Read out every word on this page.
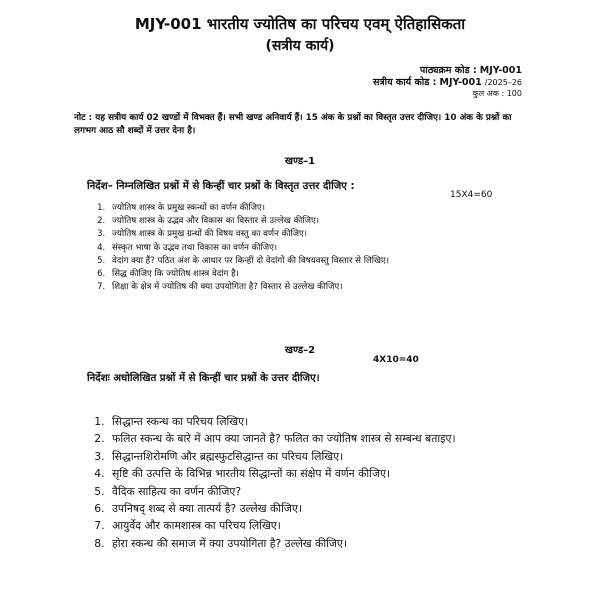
MJY-001 भारतीय ज्योतिष का परिचय एवम् ऐतिहासिकता
(सत्रीय कार्य)
पाठ्यक्रम कोड : MJY-001
सत्रीय कार्य कोड : MJY-001 /2025–26
कुल अंक : 100
नोट : यह सत्रीय कार्य 02 खण्डों में विभक्त हैं। सभी खण्ड अनिवार्य हैं। 15 अंक के प्रश्नों का विस्तृत उत्तर दीजिए। 10 अंक के प्रश्नों का लगभग आठ सौ शब्दों में उत्तर देना है।
खण्ड–1
निर्देश– निम्नलिखित प्रश्नों में से किन्हीं चार प्रश्नों के विस्तृत उत्तर दीजिए :
15X4=60
1. ज्योतिष शास्त्र के प्रमुख स्कन्धों का वर्णन कीजिए।
2. ज्योतिष शास्त्र के उद्भव और विकास का विस्तार से उल्लेख कीजिए।
3. ज्योतिष शास्त्र के प्रमुख ग्रन्थों की विषय वस्तु का वर्णन कीजिए।
4. संस्कृत भाषा के उद्भव तथा विकास का वर्णन कीजिए।
5. वेदांग क्या हैं? पठित अंश के आधार पर किन्हीं दो वेदांगों की विषयवस्तु विस्तार से लिखिए।
6. सिद्ध कीजिए कि ज्योतिष शास्त्र वेदांग है।
7. शिक्षा के क्षेत्र में ज्योतिष की क्या उपयोगिता है? विस्तार से उल्लेख कीजिए।
खण्ड–2
4X10=40
निर्देशः अधोलिखित प्रश्नों में से किन्हीं चार प्रश्नों के उत्तर दीजिए।
1. सिद्धान्त स्कन्ध का परिचय लिखिए।
2. फलित स्कन्ध के बारे में आप क्या जानते है? फलित का ज्योतिष शास्त्र से सम्बन्ध बताइए।
3. सिद्धान्तशिरोमणि और ब्रह्मस्फुटसिद्धान्त का परिचय लिखिए।
4. सृष्टि की उत्पत्ति के विभिन्न भारतीय सिद्धान्तों का संक्षेप में वर्णन कीजिए।
5. वैदिक साहित्य का वर्णन कीजिए?
6. उपनिषद् शब्द से क्या तात्पर्य है? उल्लेख कीजिए।
7. आयुर्वेद और कामशास्त्र का परिचय लिखिए।
8. होरा स्कन्ध की समाज में क्या उपयोगिता है? उल्लेख कीजिए।
